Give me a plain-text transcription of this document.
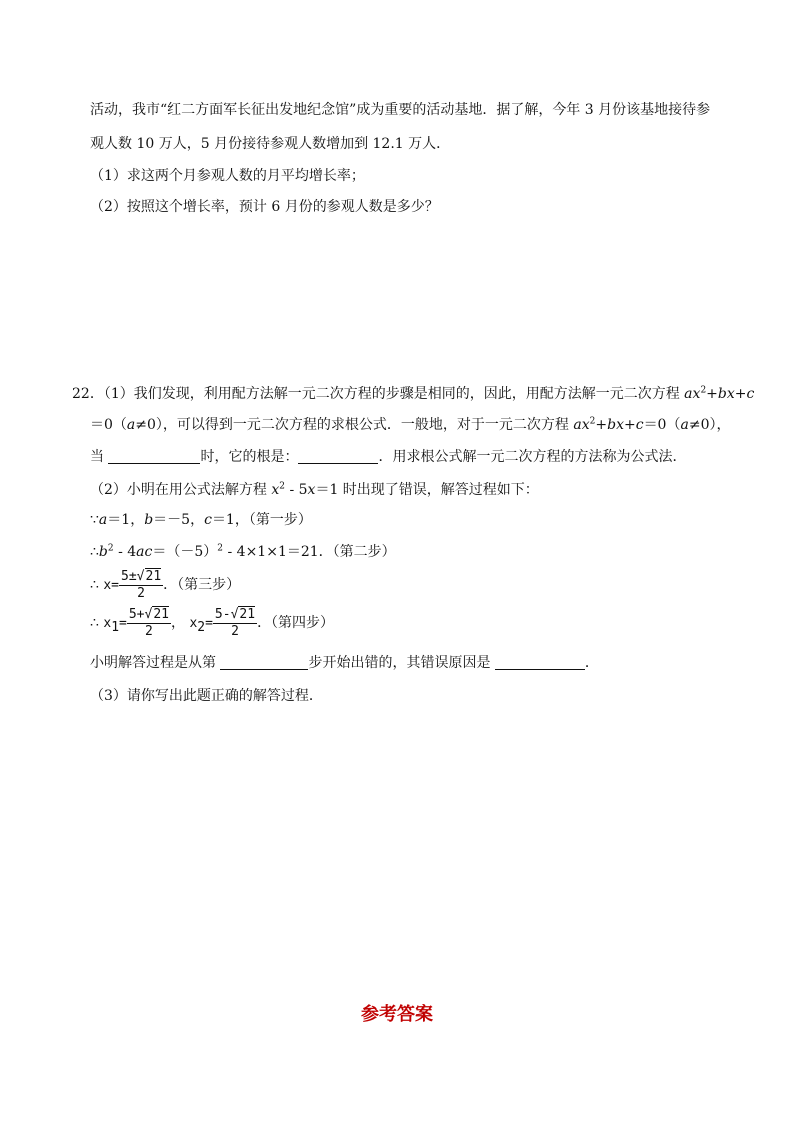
活动，我市“红二方面军长征出发地纪念馆”成为重要的活动基地．据了解，今年 3 月份该基地接待参
观人数 10 万人，5 月份接待参观人数增加到 12.1 万人．
（1）求这两个月参观人数的月平均增长率；
（2）按照这个增长率，预计 6 月份的参观人数是多少？
22．（1）我们发现，利用配方法解一元二次方程的步骤是相同的，因此，用配方法解一元二次方程 $ax^2+bx+c$
＝0（a≠0），可以得到一元二次方程的求根公式．一般地，对于一元二次方程 $ax^2+bx+c=0(a\ne 0)$，
当	时，它的根是：	．用求根公式解一元二次方程的方法称为公式法．
（2）小明在用公式法解方程 $x^2 - 5x=1$ 时出现了错误，解答过程如下：
∵a＝1，b＝－5，c＝1，（第一步）
$\therefore b^2 - 4ac=(-5)^2 - 4\times 1\times 1=21$．（第二步）
∴ $x= \frac{5\pm√21}{2}$ ．（第三步）
∴ $x1= \frac{5+√21}{2}$ ， $x2= \frac{5-√21}{2}$ ．（第四步）
小明解答过程是从第	步开始出错的，其错误原因是	．
（3）请你写出此题正确的解答过程．
参考答案
